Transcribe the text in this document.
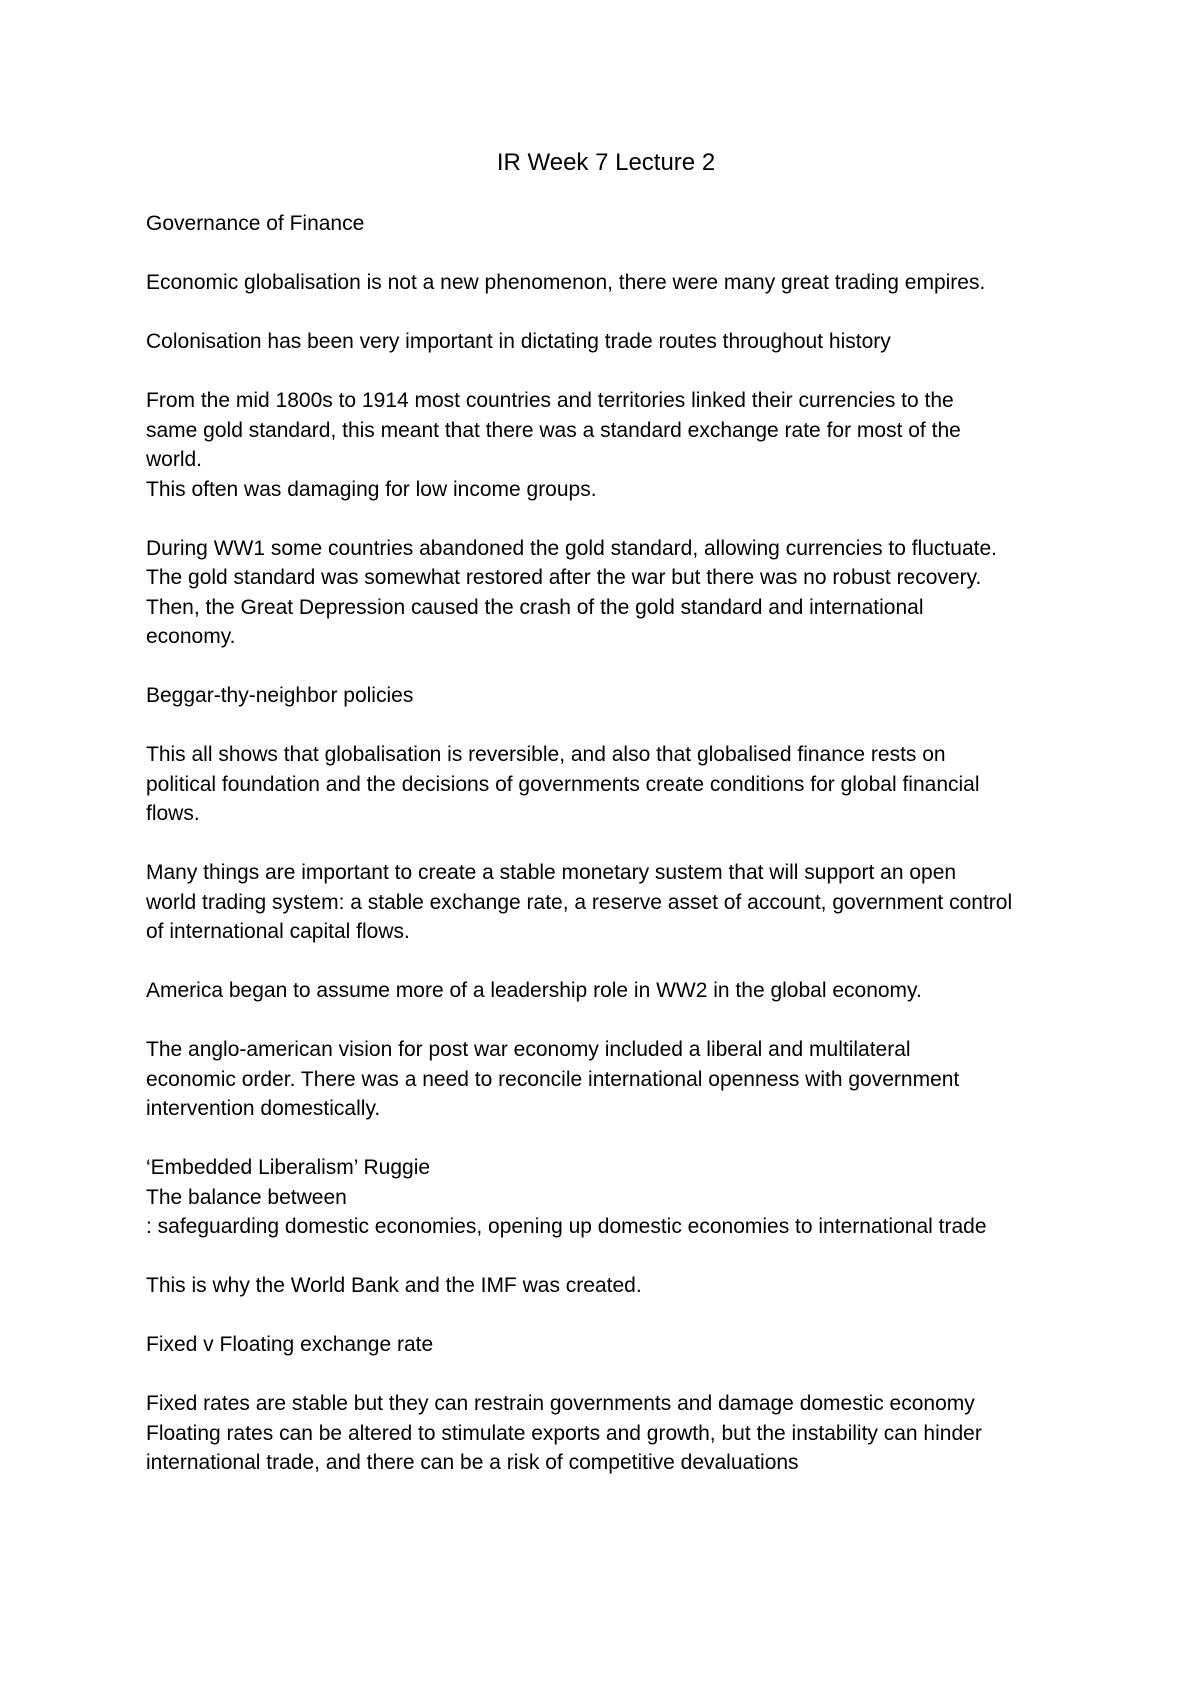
IR Week 7 Lecture 2
Governance of Finance
Economic globalisation is not a new phenomenon, there were many great trading empires.
Colonisation has been very important in dictating trade routes throughout history
From the mid 1800s to 1914 most countries and territories linked their currencies to the
same gold standard, this meant that there was a standard exchange rate for most of the
world.
This often was damaging for low income groups.
During WW1 some countries abandoned the gold standard, allowing currencies to fluctuate.
The gold standard was somewhat restored after the war but there was no robust recovery.
Then, the Great Depression caused the crash of the gold standard and international
economy.
Beggar-thy-neighbor policies
This all shows that globalisation is reversible, and also that globalised finance rests on
political foundation and the decisions of governments create conditions for global financial
flows.
Many things are important to create a stable monetary sustem that will support an open
world trading system: a stable exchange rate, a reserve asset of account, government control
of international capital flows.
America began to assume more of a leadership role in WW2 in the global economy.
The anglo-american vision for post war economy included a liberal and multilateral
economic order. There was a need to reconcile international openness with government
intervention domestically.
‘Embedded Liberalism’ Ruggie
The balance between
: safeguarding domestic economies, opening up domestic economies to international trade
This is why the World Bank and the IMF was created.
Fixed v Floating exchange rate
Fixed rates are stable but they can restrain governments and damage domestic economy
Floating rates can be altered to stimulate exports and growth, but the instability can hinder
international trade, and there can be a risk of competitive devaluations
